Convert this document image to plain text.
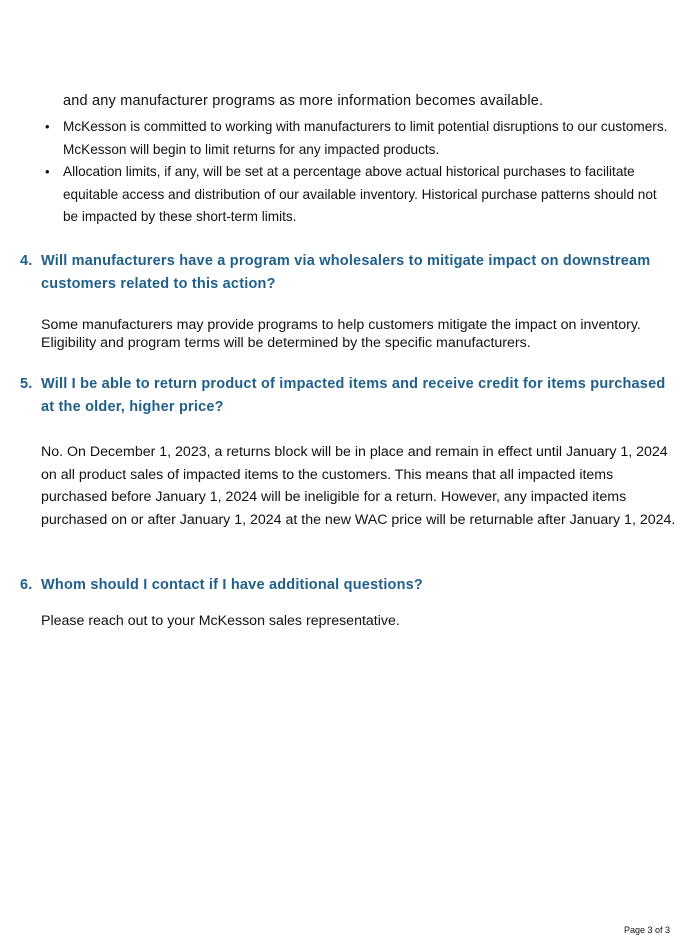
and any manufacturer programs as more information becomes available.

• McKesson is committed to working with manufacturers to limit potential disruptions to our customers. McKesson will begin to limit returns for any impacted products.
• Allocation limits, if any, will be set at a percentage above actual historical purchases to facilitate equitable access and distribution of our available inventory. Historical purchase patterns should not be impacted by these short-term limits.
4. Will manufacturers have a program via wholesalers to mitigate impact on downstream customers related to this action?

Some manufacturers may provide programs to help customers mitigate the impact on inventory. Eligibility and program terms will be determined by the specific manufacturers.

5. Will I be able to return product of impacted items and receive credit for items purchased at the older, higher price?

No. On December 1, 2023, a returns block will be in place and remain in effect until January 1, 2024 on all product sales of impacted items to the customers. This means that all impacted items purchased before January 1, 2024 will be ineligible for a return. However, any impacted items purchased on or after January 1, 2024 at the new WAC price will be returnable after January 1, 2024.

6. Whom should I contact if I have additional questions?

Please reach out to your McKesson sales representative.

Page 3 of 3
